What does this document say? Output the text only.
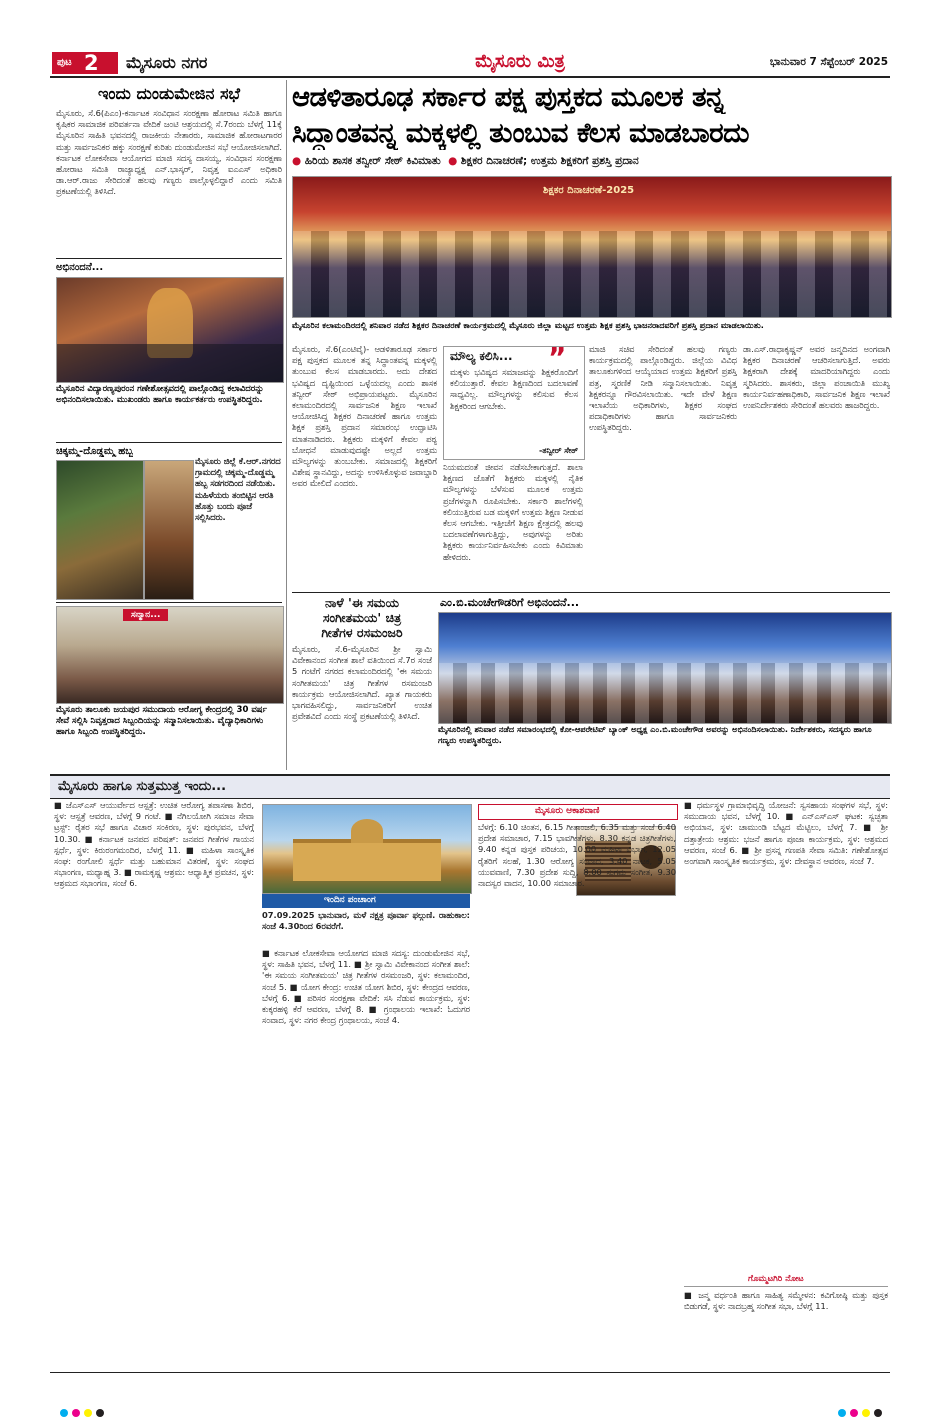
ಪುಟ 2 ಮೈಸೂರು ನಗರ	ಮೈಸೂರು ಮಿತ್ರ	ಭಾನುವಾರ 7 ಸೆಪ್ಟೆಂಬರ್ 2025
ಇಂದು ದುಂಡುಮೇಜಿನ ಸಭೆ
ಮೈಸೂರು, ಸೆ.6(ಪಿಎಂ)-ಕರ್ನಾಟಕ ಸಂವಿಧಾನ ಸಂರಕ್ಷಣಾ ಹೋರಾಟ ಸಮಿತಿ ಹಾಗೂ ಕೃಷಿಕರ ಸಾಮಾಜಿಕ ಪರಿವರ್ತನಾ ವೇದಿಕೆ ಜಂಟಿ ಆಶ್ರಯದಲ್ಲಿ ಸೆ.7ರಂದು ಬೆಳಗ್ಗೆ 11ಕ್ಕೆ ಮೈಸೂರಿನ ಸಾಹಿತಿ ಭವನದಲ್ಲಿ ರಾಜಕೀಯ ನೇತಾರರು, ಸಾಮಾಜಿಕ ಹೋರಾಟಗಾರರ ಮತ್ತು ಸಾರ್ವಜನಿಕರ ಹಕ್ಕು ಸಂರಕ್ಷಣೆ ಕುರಿತು ದುಂಡುಮೇಜಿನ ಸಭೆ ಆಯೋಜಿಸಲಾಗಿದೆ. ಕರ್ನಾಟಕ ಲೋಕಸೇವಾ ಆಯೋಗದ ಮಾಜಿ ಸದಸ್ಯ ದಾಸಯ್ಯ, ಸಂವಿಧಾನ ಸಂರಕ್ಷಣಾ ಹೋರಾಟ ಸಮಿತಿ ರಾಜ್ಯಾಧ್ಯಕ್ಷ ಎನ್.ಭಾಸ್ಕರ್, ನಿವೃತ್ತ ಐಎಎಸ್ ಅಧಿಕಾರಿ ಡಾ.ಆರ್.ರಾಜು ಸೇರಿದಂತೆ ಹಲವು ಗಣ್ಯರು ಪಾಲ್ಗೊಳ್ಳಲಿದ್ದಾರೆ ಎಂದು ಸಮಿತಿ ಪ್ರಕಟಣೆಯಲ್ಲಿ ತಿಳಿಸಿದೆ.
ಅಭಿನಂದನೆ...
ಮೈಸೂರಿನ ವಿದ್ಯಾರಣ್ಯಪುರಂನ ಗಣೇಶೋತ್ಸವದಲ್ಲಿ ಪಾಲ್ಗೊಂಡಿದ್ದ ಕಲಾವಿದರನ್ನು ಅಭಿನಂದಿಸಲಾಯಿತು. ಮುಖಂಡರು ಹಾಗೂ ಕಾರ್ಯಕರ್ತರು ಉಪಸ್ಥಿತರಿದ್ದರು.
ಚಿಕ್ಕಮ್ಮ-ದೊಡ್ಡಮ್ಮ ಹಬ್ಬ
ಮೈಸೂರು ಜಿಲ್ಲೆ ಕೆ.ಆರ್.ನಗರದ ಗ್ರಾಮದಲ್ಲಿ ಚಿಕ್ಕಮ್ಮ-ದೊಡ್ಡಮ್ಮ ಹಬ್ಬ ಸಡಗರದಿಂದ ನಡೆಯಿತು. ಮಹಿಳೆಯರು ತಂಬಿಟ್ಟಿನ ಆರತಿ ಹೊತ್ತು ಬಂದು ಪೂಜೆ ಸಲ್ಲಿಸಿದರು.
ಸನ್ಮಾನ...
ಮೈಸೂರು ತಾಲೂಕು ಜಯಪುರ ಸಮುದಾಯ ಆರೋಗ್ಯ ಕೇಂದ್ರದಲ್ಲಿ 30 ವರ್ಷ ಸೇವೆ ಸಲ್ಲಿಸಿ ನಿವೃತ್ತರಾದ ಸಿಬ್ಬಂದಿಯನ್ನು ಸನ್ಮಾನಿಸಲಾಯಿತು. ವೈದ್ಯಾಧಿಕಾರಿಗಳು ಹಾಗೂ ಸಿಬ್ಬಂದಿ ಉಪಸ್ಥಿತರಿದ್ದರು.
ಆಡಳಿತಾರೂಢ ಸರ್ಕಾರ ಪಕ್ಷ ಪುಸ್ತಕದ ಮೂಲಕ ತನ್ನ
ಸಿದ್ಧಾಂತವನ್ನ ಮಕ್ಕಳಲ್ಲಿ ತುಂಬುವ ಕೆಲಸ ಮಾಡಬಾರದು
● ಹಿರಿಯ ಶಾಸಕ ತನ್ವೀರ್ ಸೇಠ್ ಕಿವಿಮಾತು ● ಶಿಕ್ಷಕರ ದಿನಾಚರಣೆ; ಉತ್ತಮ ಶಿಕ್ಷಕರಿಗೆ ಪ್ರಶಸ್ತಿ ಪ್ರದಾನ
ಶಿಕ್ಷಕರ ದಿನಾಚರಣೆ-2025
ಮೈಸೂರಿನ ಕಲಾಮಂದಿರದಲ್ಲಿ ಶನಿವಾರ ನಡೆದ ಶಿಕ್ಷಕರ ದಿನಾಚರಣೆ ಕಾರ್ಯಕ್ರಮದಲ್ಲಿ ಮೈಸೂರು ಜಿಲ್ಲಾ ಮಟ್ಟದ ಉತ್ತಮ ಶಿಕ್ಷಕ ಪ್ರಶಸ್ತಿ ಭಾಜನರಾದವರಿಗೆ ಪ್ರಶಸ್ತಿ ಪ್ರದಾನ ಮಾಡಲಾಯಿತು.
ಮೈಸೂರು, ಸೆ.6(ಎಂಟಿವೈ)- ಆಡಳಿತಾರೂಢ ಸರ್ಕಾರ ಪಕ್ಷ ಪುಸ್ತಕದ ಮೂಲಕ ತನ್ನ ಸಿದ್ಧಾಂತವನ್ನ ಮಕ್ಕಳಲ್ಲಿ ತುಂಬುವ ಕೆಲಸ ಮಾಡಬಾರದು. ಅದು ದೇಶದ ಭವಿಷ್ಯದ ದೃಷ್ಟಿಯಿಂದ ಒಳ್ಳೆಯದಲ್ಲ ಎಂದು ಶಾಸಕ ತನ್ವೀರ್ ಸೇಠ್ ಅಭಿಪ್ರಾಯಪಟ್ಟರು. ಮೈಸೂರಿನ ಕಲಾಮಂದಿರದಲ್ಲಿ ಸಾರ್ವಜನಿಕ ಶಿಕ್ಷಣ ಇಲಾಖೆ ಆಯೋಜಿಸಿದ್ದ ಶಿಕ್ಷಕರ ದಿನಾಚರಣೆ ಹಾಗೂ ಉತ್ತಮ ಶಿಕ್ಷಕ ಪ್ರಶಸ್ತಿ ಪ್ರದಾನ ಸಮಾರಂಭ ಉದ್ಘಾಟಿಸಿ ಮಾತನಾಡಿದರು. ಶಿಕ್ಷಕರು ಮಕ್ಕಳಿಗೆ ಕೇವಲ ಪಠ್ಯ ಬೋಧನೆ ಮಾಡುವುದಷ್ಟೇ ಅಲ್ಲದೆ ಉತ್ತಮ ಮೌಲ್ಯಗಳನ್ನು ತುಂಬಬೇಕು. ಸಮಾಜದಲ್ಲಿ ಶಿಕ್ಷಕರಿಗೆ ವಿಶೇಷ ಸ್ಥಾನವಿದ್ದು, ಅದನ್ನು ಉಳಿಸಿಕೊಳ್ಳುವ ಜವಾಬ್ದಾರಿ ಅವರ ಮೇಲಿದೆ ಎಂದರು.
ಮೌಲ್ಯ ಕಲಿಸಿ... ”
ಮಕ್ಕಳು ಭವಿಷ್ಯದ ಸಮಾಜವನ್ನು ಶಿಕ್ಷಕರೊಂದಿಗೆ ಕಲಿಯುತ್ತಾರೆ. ಕೇವಲ ಶಿಕ್ಷಣದಿಂದ ಬದಲಾವಣೆ ಸಾಧ್ಯವಿಲ್ಲ. ಮೌಲ್ಯಗಳನ್ನು ಕಲಿಸುವ ಕೆಲಸ ಶಿಕ್ಷಕರಿಂದ ಆಗಬೇಕು.
-ತನ್ವೀರ್ ಸೇಠ್
ನಿಯಮದಂತೆ ಜೀವನ ನಡೆಸಬೇಕಾಗುತ್ತದೆ. ಶಾಲಾ ಶಿಕ್ಷಣದ ಜೊತೆಗೆ ಶಿಕ್ಷಕರು ಮಕ್ಕಳಲ್ಲಿ ನೈತಿಕ ಮೌಲ್ಯಗಳನ್ನು ಬೆಳೆಸುವ ಮೂಲಕ ಉತ್ತಮ ಪ್ರಜೆಗಳನ್ನಾಗಿ ರೂಪಿಸಬೇಕು. ಸರ್ಕಾರಿ ಶಾಲೆಗಳಲ್ಲಿ ಕಲಿಯುತ್ತಿರುವ ಬಡ ಮಕ್ಕಳಿಗೆ ಉತ್ತಮ ಶಿಕ್ಷಣ ನೀಡುವ ಕೆಲಸ ಆಗಬೇಕು. ಇತ್ತೀಚೆಗೆ ಶಿಕ್ಷಣ ಕ್ಷೇತ್ರದಲ್ಲಿ ಹಲವು ಬದಲಾವಣೆಗಳಾಗುತ್ತಿದ್ದು, ಅವುಗಳನ್ನು ಅರಿತು ಶಿಕ್ಷಕರು ಕಾರ್ಯನಿರ್ವಹಿಸಬೇಕು ಎಂದು ಕಿವಿಮಾತು ಹೇಳಿದರು.
ಮಾಜಿ ಸಚಿವ ಸೇರಿದಂತೆ ಹಲವು ಗಣ್ಯರು ಕಾರ್ಯಕ್ರಮದಲ್ಲಿ ಪಾಲ್ಗೊಂಡಿದ್ದರು. ಜಿಲ್ಲೆಯ ವಿವಿಧ ತಾಲೂಕುಗಳಿಂದ ಆಯ್ಕೆಯಾದ ಉತ್ತಮ ಶಿಕ್ಷಕರಿಗೆ ಪ್ರಶಸ್ತಿ ಪತ್ರ, ಸ್ಮರಣಿಕೆ ನೀಡಿ ಸನ್ಮಾನಿಸಲಾಯಿತು. ನಿವೃತ್ತ ಶಿಕ್ಷಕರನ್ನೂ ಗೌರವಿಸಲಾಯಿತು. ಇದೇ ವೇಳೆ ಶಿಕ್ಷಣ ಇಲಾಖೆಯ ಅಧಿಕಾರಿಗಳು, ಶಿಕ್ಷಕರ ಸಂಘದ ಪದಾಧಿಕಾರಿಗಳು ಹಾಗೂ ಸಾರ್ವಜನಿಕರು ಉಪಸ್ಥಿತರಿದ್ದರು.
ಡಾ.ಎಸ್.ರಾಧಾಕೃಷ್ಣನ್ ಅವರ ಜನ್ಮದಿನದ ಅಂಗವಾಗಿ ಶಿಕ್ಷಕರ ದಿನಾಚರಣೆ ಆಚರಿಸಲಾಗುತ್ತಿದೆ. ಅವರು ಶಿಕ್ಷಕರಾಗಿ ದೇಶಕ್ಕೆ ಮಾದರಿಯಾಗಿದ್ದರು ಎಂದು ಸ್ಮರಿಸಿದರು. ಶಾಸಕರು, ಜಿಲ್ಲಾ ಪಂಚಾಯಿತಿ ಮುಖ್ಯ ಕಾರ್ಯನಿರ್ವಹಣಾಧಿಕಾರಿ, ಸಾರ್ವಜನಿಕ ಶಿಕ್ಷಣ ಇಲಾಖೆ ಉಪನಿರ್ದೇಶಕರು ಸೇರಿದಂತೆ ಹಲವರು ಹಾಜರಿದ್ದರು.
ನಾಳೆ 'ಈ ಸಮಯ
ಸಂಗೀತಮಯ' ಚಿತ್ರ
ಗೀತೆಗಳ ರಸಮಂಜರಿ
ಮೈಸೂರು, ಸೆ.6-ಮೈಸೂರಿನ ಶ್ರೀ ಸ್ವಾಮಿ ವಿವೇಕಾನಂದ ಸಂಗೀತ ಶಾಲೆ ವತಿಯಿಂದ ಸೆ.7ರ ಸಂಜೆ 5 ಗಂಟೆಗೆ ನಗರದ ಕಲಾಮಂದಿರದಲ್ಲಿ 'ಈ ಸಮಯ ಸಂಗೀತಮಯ' ಚಿತ್ರ ಗೀತೆಗಳ ರಸಮಂಜರಿ ಕಾರ್ಯಕ್ರಮ ಆಯೋಜಿಸಲಾಗಿದೆ. ಖ್ಯಾತ ಗಾಯಕರು ಭಾಗವಹಿಸಲಿದ್ದು, ಸಾರ್ವಜನಿಕರಿಗೆ ಉಚಿತ ಪ್ರವೇಶವಿದೆ ಎಂದು ಸಂಸ್ಥೆ ಪ್ರಕಟಣೆಯಲ್ಲಿ ತಿಳಿಸಿದೆ.
ಎಂ.ಬಿ.ಮಂಚೇಗೌಡರಿಗೆ ಅಭಿನಂದನೆ...
ಮೈಸೂರಿನಲ್ಲಿ ಶನಿವಾರ ನಡೆದ ಸಮಾರಂಭದಲ್ಲಿ ಕೋ-ಆಪರೇಟಿವ್ ಬ್ಯಾಂಕ್ ಅಧ್ಯಕ್ಷ ಎಂ.ಬಿ.ಮಂಚೇಗೌಡ ಅವರನ್ನು ಅಭಿನಂದಿಸಲಾಯಿತು. ನಿರ್ದೇಶಕರು, ಸದಸ್ಯರು ಹಾಗೂ ಗಣ್ಯರು ಉಪಸ್ಥಿತರಿದ್ದರು.
ಮೈಸೂರು ಹಾಗೂ ಸುತ್ತಮುತ್ತ ಇಂದು...
■ ಜೆಎಸ್‌ಎಸ್ ಆಯುರ್ವೇದ ಆಸ್ಪತ್ರೆ: ಉಚಿತ ಆರೋಗ್ಯ ತಪಾಸಣಾ ಶಿಬಿರ, ಸ್ಥಳ: ಆಸ್ಪತ್ರೆ ಆವರಣ, ಬೆಳಗ್ಗೆ 9 ಗಂಟೆ. ■ ನೆಗಿಲಯೋಗಿ ಸಮಾಜ ಸೇವಾ ಟ್ರಸ್ಟ್: ರೈತರ ಸಭೆ ಹಾಗೂ ವಿಚಾರ ಸಂಕಿರಣ, ಸ್ಥಳ: ಪುರಭವನ, ಬೆಳಗ್ಗೆ 10.30. ■ ಕರ್ನಾಟಕ ಜನಪದ ಪರಿಷತ್: ಜನಪದ ಗೀತೆಗಳ ಗಾಯನ ಸ್ಪರ್ಧೆ, ಸ್ಥಳ: ಕಿರುರಂಗಮಂದಿರ, ಬೆಳಗ್ಗೆ 11. ■ ಮಹಿಳಾ ಸಾಂಸ್ಕೃತಿಕ ಸಂಘ: ರಂಗೋಲಿ ಸ್ಪರ್ಧೆ ಮತ್ತು ಬಹುಮಾನ ವಿತರಣೆ, ಸ್ಥಳ: ಸಂಘದ ಸಭಾಂಗಣ, ಮಧ್ಯಾಹ್ನ 3. ■ ರಾಮಕೃಷ್ಣ ಆಶ್ರಮ: ಆಧ್ಯಾತ್ಮಿಕ ಪ್ರವಚನ, ಸ್ಥಳ: ಆಶ್ರಮದ ಸಭಾಂಗಣ, ಸಂಜೆ 6.
ಇಂದಿನ ಪಂಚಾಂಗ
07.09.2025 ಭಾನುವಾರ, ಮಳೆ ನಕ್ಷತ್ರ ಪೂರ್ವಾ ಫಲ್ಗುಣಿ. ರಾಹುಕಾಲ: ಸಂಜೆ 4.30ರಿಂದ 6ರವರೆಗೆ.
■ ಕರ್ನಾಟಕ ಲೋಕಸೇವಾ ಆಯೋಗದ ಮಾಜಿ ಸದಸ್ಯ: ದುಂಡುಮೇಜಿನ ಸಭೆ, ಸ್ಥಳ: ಸಾಹಿತಿ ಭವನ, ಬೆಳಗ್ಗೆ 11. ■ ಶ್ರೀ ಸ್ವಾಮಿ ವಿವೇಕಾನಂದ ಸಂಗೀತ ಶಾಲೆ: 'ಈ ಸಮಯ ಸಂಗೀತಮಯ' ಚಿತ್ರ ಗೀತೆಗಳ ರಸಮಂಜರಿ, ಸ್ಥಳ: ಕಲಾಮಂದಿರ, ಸಂಜೆ 5. ■ ಯೋಗ ಕೇಂದ್ರ: ಉಚಿತ ಯೋಗ ಶಿಬಿರ, ಸ್ಥಳ: ಕೇಂದ್ರದ ಆವರಣ, ಬೆಳಗ್ಗೆ 6. ■ ಪರಿಸರ ಸಂರಕ್ಷಣಾ ವೇದಿಕೆ: ಸಸಿ ನೆಡುವ ಕಾರ್ಯಕ್ರಮ, ಸ್ಥಳ: ಕುಕ್ಕರಹಳ್ಳಿ ಕೆರೆ ಆವರಣ, ಬೆಳಗ್ಗೆ 8. ■ ಗ್ರಂಥಾಲಯ ಇಲಾಖೆ: ಓದುಗರ ಸಂವಾದ, ಸ್ಥಳ: ನಗರ ಕೇಂದ್ರ ಗ್ರಂಥಾಲಯ, ಸಂಜೆ 4.
ಮೈಸೂರು ಆಕಾಶವಾಣಿ
ಬೆಳಗ್ಗೆ: 6.10 ಚಿಂತನ, 6.15 ಗೀತಾಂಜಲಿ, 6.35 ಮತ್ತು ಸಂಜೆ 6.40 ಪ್ರದೇಶ ಸಮಾಚಾರ, 7.15 ಭಾವಗೀತೆಗಳು, 8.30 ಕನ್ನಡ ಚಿತ್ರಗೀತೆಗಳು, 9.40 ಕನ್ನಡ ಪುಸ್ತಕ ಪರಿಚಯ, 10.00 ಮಹಿಳಾ ವಿಭಾಗ, 12.05 ರೈತರಿಗೆ ಸಲಹೆ, 1.30 ಆರೋಗ್ಯ ಸಂವಾದ, 3.40 ನಾಟಕ, 5.05 ಯುವವಾಣಿ, 7.30 ಪ್ರದೇಶ ಸುದ್ದಿ, 8.00 ಸುಗಮ ಸಂಗೀತ, 9.30 ನಾದಸ್ವರ ವಾದನ, 10.00 ಸಮಾಚಾರ.
■ ಧರ್ಮಸ್ಥಳ ಗ್ರಾಮಾಭಿವೃದ್ಧಿ ಯೋಜನೆ: ಸ್ವಸಹಾಯ ಸಂಘಗಳ ಸಭೆ, ಸ್ಥಳ: ಸಮುದಾಯ ಭವನ, ಬೆಳಗ್ಗೆ 10. ■ ಎನ್‌ಎಸ್‌ಎಸ್ ಘಟಕ: ಸ್ವಚ್ಛತಾ ಅಭಿಯಾನ, ಸ್ಥಳ: ಚಾಮುಂಡಿ ಬೆಟ್ಟದ ಮೆಟ್ಟಿಲು, ಬೆಳಗ್ಗೆ 7. ■ ಶ್ರೀ ದತ್ತಾತ್ರೇಯ ಆಶ್ರಮ: ಭಜನೆ ಹಾಗೂ ಪೂಜಾ ಕಾರ್ಯಕ್ರಮ, ಸ್ಥಳ: ಆಶ್ರಮದ ಆವರಣ, ಸಂಜೆ 6. ■ ಶ್ರೀ ಪ್ರಸನ್ನ ಗಣಪತಿ ಸೇವಾ ಸಮಿತಿ: ಗಣೇಶೋತ್ಸವ ಅಂಗವಾಗಿ ಸಾಂಸ್ಕೃತಿಕ ಕಾರ್ಯಕ್ರಮ, ಸ್ಥಳ: ದೇವಸ್ಥಾನ ಆವರಣ, ಸಂಜೆ 7.
ಗೊಮ್ಮಟಗಿರಿ ನೋಟ
■ ಜನ್ಮ ವರ್ಧಂತಿ ಹಾಗೂ ಸಾಹಿತ್ಯ ಸಮ್ಮೇಳನ: ಕವಿಗೋಷ್ಠಿ ಮತ್ತು ಪುಸ್ತಕ ಬಿಡುಗಡೆ, ಸ್ಥಳ: ನಾದಬ್ರಹ್ಮ ಸಂಗೀತ ಸಭಾ, ಬೆಳಗ್ಗೆ 11.
